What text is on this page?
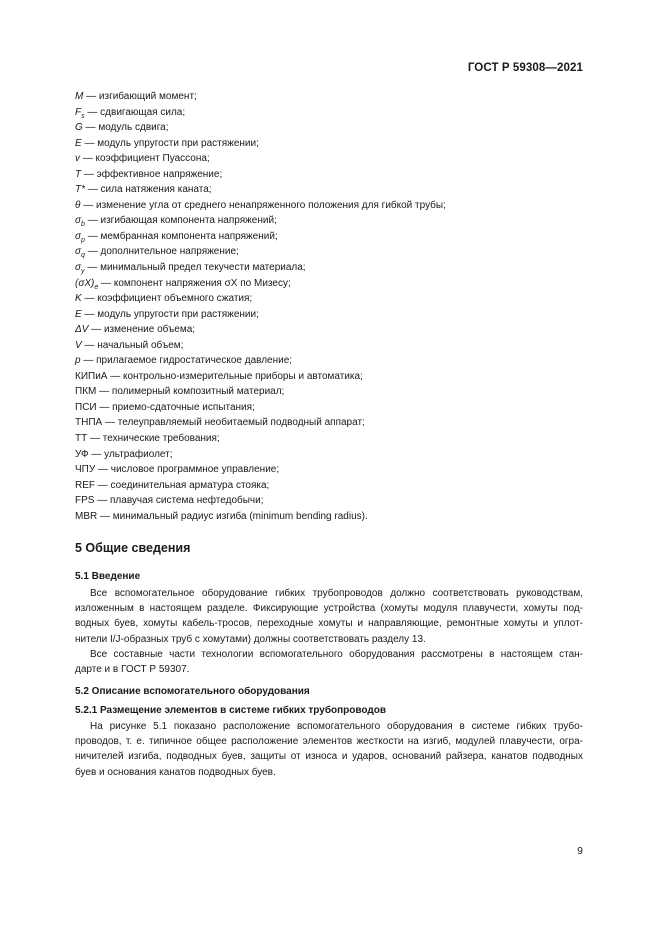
ГОСТ Р 59308—2021
M — изгибающий момент;
$F_s$ — сдвигающая сила;
G — модуль сдвига;
E — модуль упругости при растяжении;
v — коэффициент Пуассона;
T — эффективное напряжение;
T* — сила натяжения каната;
θ — изменение угла от среднего ненапряженного положения для гибкой трубы;
$\sigma_b$ — изгибающая компонента напряжений;
$\sigma_p$ — мембранная компонента напряжений;
$\sigma_q$ — дополнительное напряжение;
$\sigma_y$ — минимальный предел текучести материала;
$(\sigma X)_e$ — компонент напряжения σX по Мизесу;
K — коэффициент объемного сжатия;
E — модуль упругости при растяжении;
ΔV — изменение объема;
V — начальный объем;
p — прилагаемое гидростатическое давление;
КИПиА — контрольно-измерительные приборы и автоматика;
ПКМ — полимерный композитный материал;
ПСИ — приемо-сдаточные испытания;
ТНПА — телеуправляемый необитаемый подводный аппарат;
ТТ — технические требования;
УФ — ультрафиолет;
ЧПУ — числовое программное управление;
REF — соединительная арматура стояка;
FPS — плавучая система нефтедобычи;
MBR — минимальный радиус изгиба (minimum bending radius).
5 Общие сведения
5.1 Введение
Все вспомогательное оборудование гибких трубопроводов должно соответствовать руководствам,
изложенным в настоящем разделе. Фиксирующие устройства (хомуты модуля плавучести, хомуты под-
водных буев, хомуты кабель-тросов, переходные хомуты и направляющие, ремонтные хомуты и уплот-
нители I/J-образных труб с хомутами) должны соответствовать разделу 13.
Все составные части технологии вспомогательного оборудования рассмотрены в настоящем стан-
дарте и в ГОСТ Р 59307.
5.2 Описание вспомогательного оборудования
5.2.1 Размещение элементов в системе гибких трубопроводов
На рисунке 5.1 показано расположение вспомогательного оборудования в системе гибких трубо-
проводов, т. е. типичное общее расположение элементов жесткости на изгиб, модулей плавучести, огра-
ничителей изгиба, подводных буев, защиты от износа и ударов, оснований райзера, канатов подводных
буев и основания канатов подводных буев.
9
